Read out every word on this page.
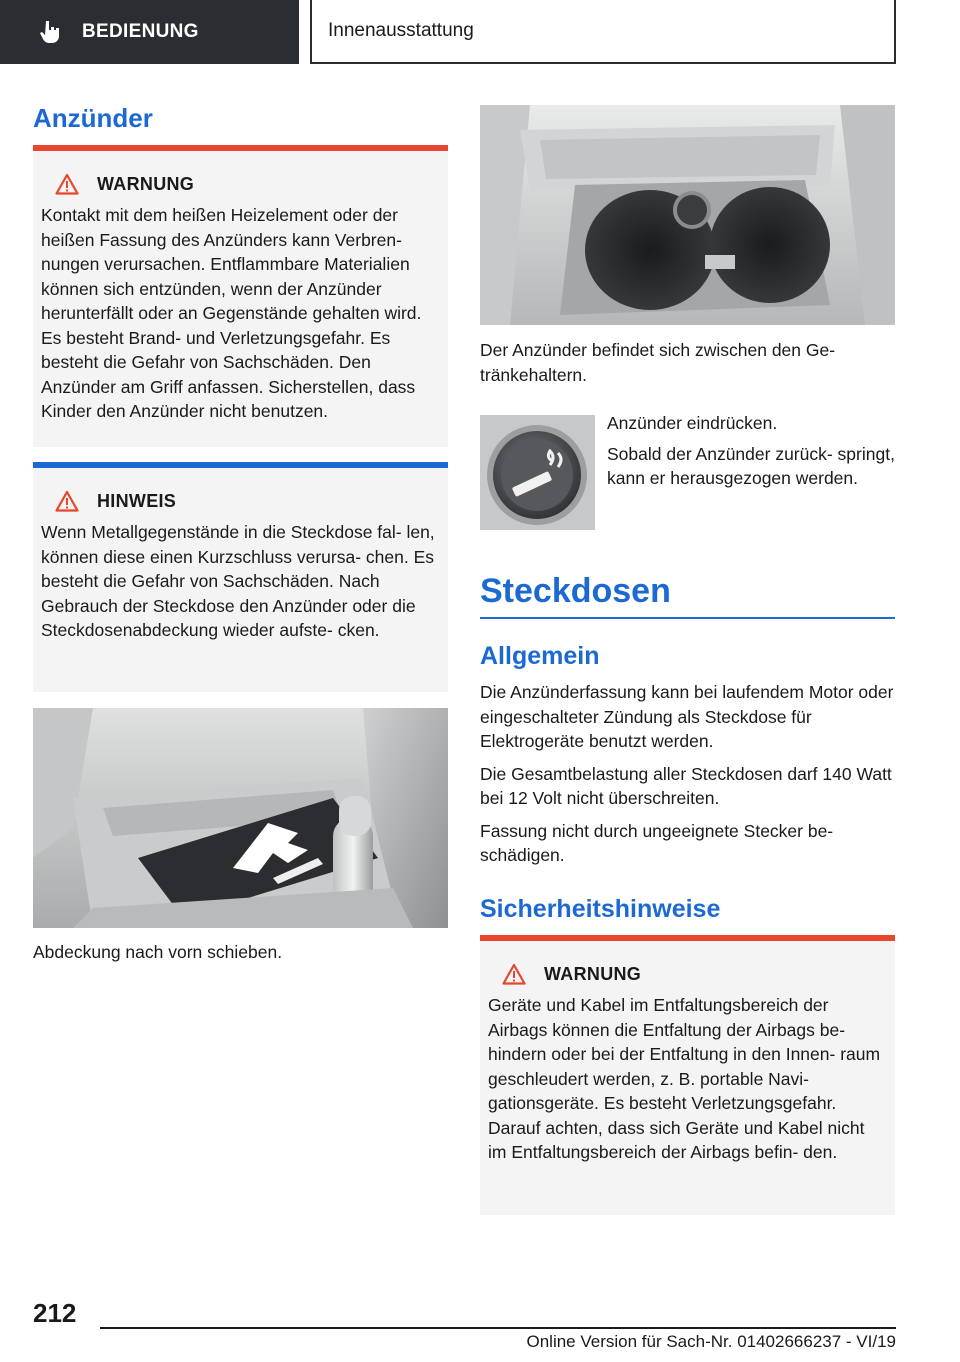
BEDIENUNG	Innenausstattung
Anzünder
WARNUNG
Kontakt mit dem heißen Heizelement oder der heißen Fassung des Anzünders kann Verbren- nungen verursachen. Entflammbare Materialien können sich entzünden, wenn der Anzünder herunterfällt oder an Gegenstände gehalten wird. Es besteht Brand- und Verletzungsgefahr. Es besteht die Gefahr von Sachschäden. Den Anzünder am Griff anfassen. Sicherstellen, dass Kinder den Anzünder nicht benutzen.
HINWEIS
Wenn Metallgegenstände in die Steckdose fal- len, können diese einen Kurzschluss verursa- chen. Es besteht die Gefahr von Sachschäden. Nach Gebrauch der Steckdose den Anzünder oder die Steckdosenabdeckung wieder aufste- cken.
Abdeckung nach vorn schieben.
Der Anzünder befindet sich zwischen den Ge- tränkehaltern.
Anzünder eindrücken.
Sobald der Anzünder zurück- springt, kann er herausgezogen werden.
Steckdosen
Allgemein
Die Anzünderfassung kann bei laufendem Motor oder eingeschalteter Zündung als Steckdose für Elektrogeräte benutzt werden.
Die Gesamtbelastung aller Steckdosen darf 140 Watt bei 12 Volt nicht überschreiten.
Fassung nicht durch ungeeignete Stecker be- schädigen.
Sicherheitshinweise
WARNUNG
Geräte und Kabel im Entfaltungsbereich der Airbags können die Entfaltung der Airbags be- hindern oder bei der Entfaltung in den Innen- raum geschleudert werden, z. B. portable Navi- gationsgeräte. Es besteht Verletzungsgefahr. Darauf achten, dass sich Geräte und Kabel nicht im Entfaltungsbereich der Airbags befin- den.
212
Online Version für Sach-Nr. 01402666237 - VI/19
